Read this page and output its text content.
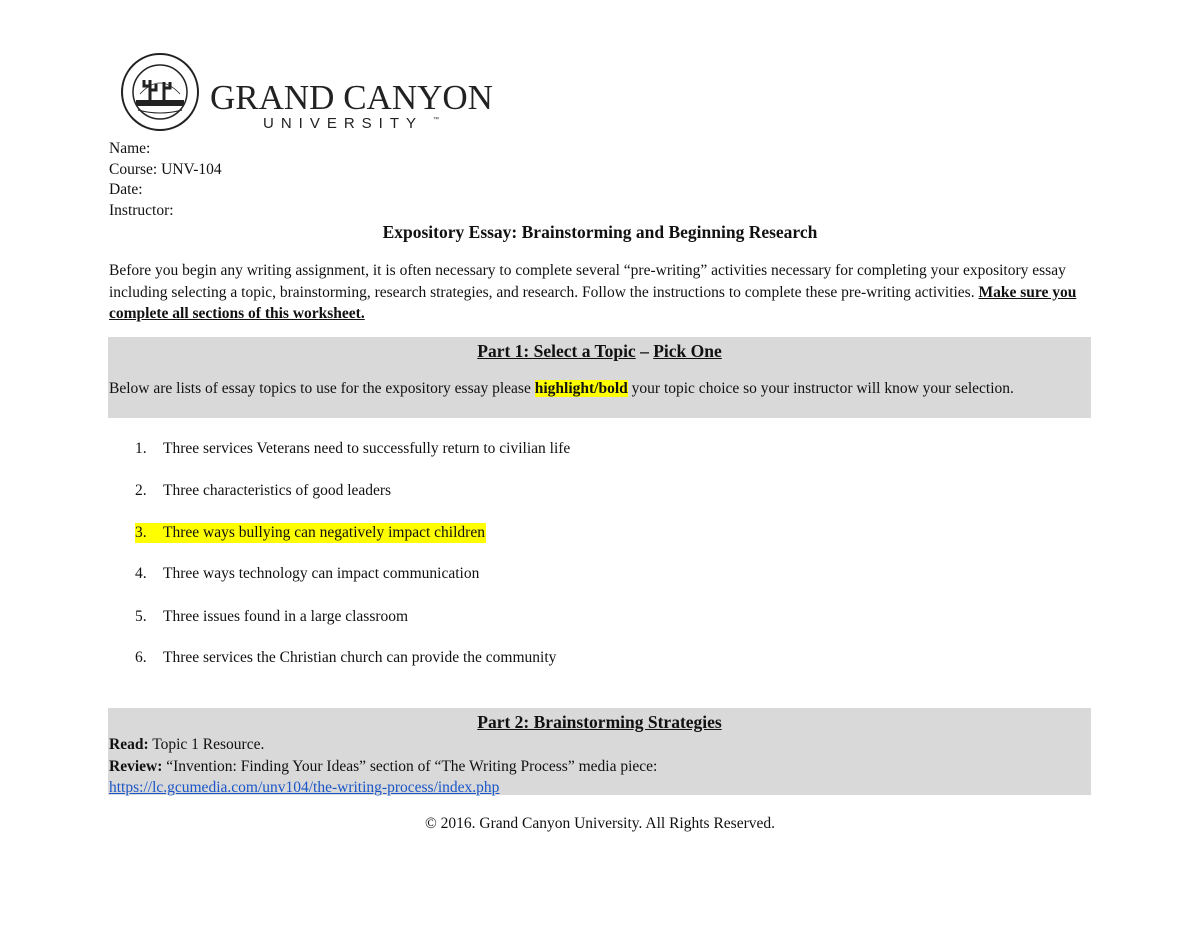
GRAND CANYON
UNIVERSITY ™
Name:
Course: UNV-104
Date:
Instructor:
Expository Essay: Brainstorming and Beginning Research
Before you begin any writing assignment, it is often necessary to complete several “pre-writing” activities necessary for completing your expository essay including selecting a topic, brainstorming, research strategies, and research. Follow the instructions to complete these pre-writing activities. Make sure you complete all sections of this worksheet.
Part 1: Select a Topic – Pick One
Below are lists of essay topics to use for the expository essay please highlight/bold your topic choice so your instructor will know your selection.
1. Three services Veterans need to successfully return to civilian life
2. Three characteristics of good leaders
3. Three ways bullying can negatively impact children
4. Three ways technology can impact communication
5. Three issues found in a large classroom
6. Three services the Christian church can provide the community
Part 2: Brainstorming Strategies
Read: Topic 1 Resource.
Review: “Invention: Finding Your Ideas” section of “The Writing Process” media piece:
https://lc.gcumedia.com/unv104/the-writing-process/index.php
© 2016. Grand Canyon University. All Rights Reserved.
